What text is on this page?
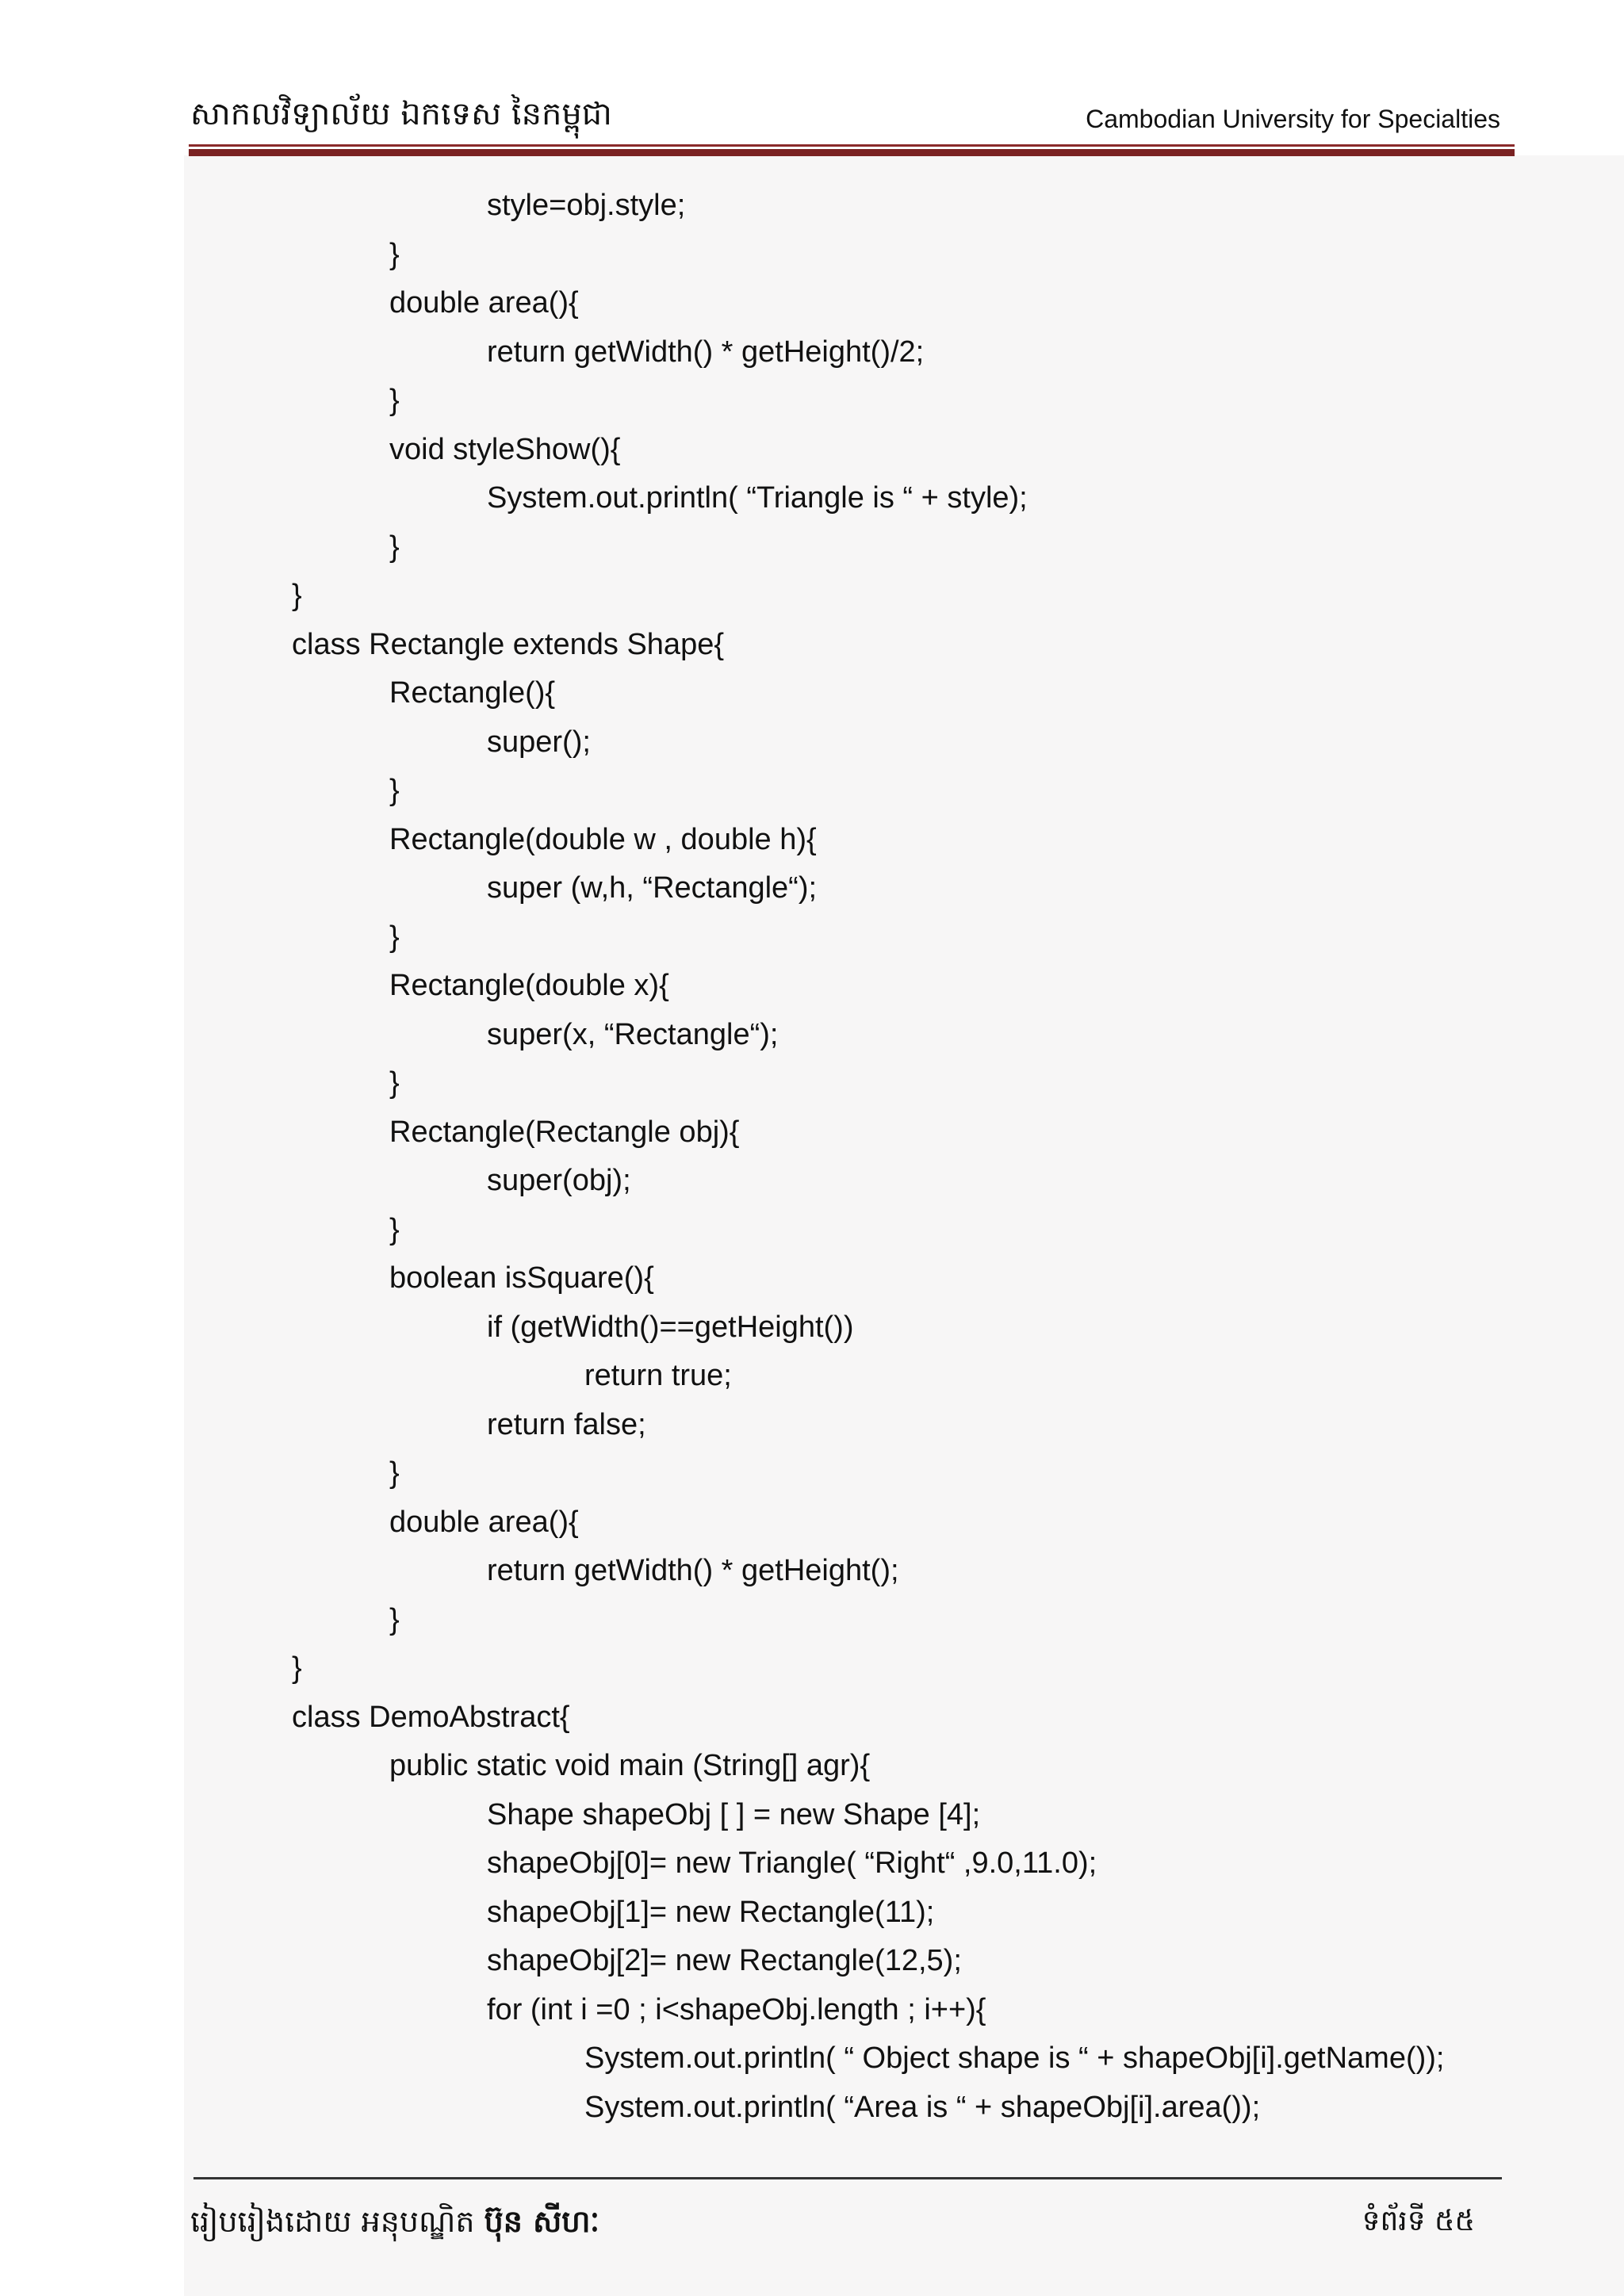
សាកលវិទ្យាល័យ ឯកទេស នៃកម្ពុជា	Cambodian University for Specialties
style=obj.style;
}
double area(){
return getWidth() * getHeight()/2;
}
void styleShow(){
System.out.println( “Triangle is “ + style);
}
}
class Rectangle extends Shape{
Rectangle(){
super();
}
Rectangle(double w , double h){
super (w,h, “Rectangle“);
}
Rectangle(double x){
super(x, “Rectangle“);
}
Rectangle(Rectangle obj){
super(obj);
}
boolean isSquare(){
if (getWidth()==getHeight())
return true;
return false;
}
double area(){
return getWidth() * getHeight();
}
}
class DemoAbstract{
public static void main (String[] agr){
Shape shapeObj [ ] = new Shape [4];
shapeObj[0]= new Triangle( “Right“ ,9.0,11.0);
shapeObj[1]= new Rectangle(11);
shapeObj[2]= new Rectangle(12,5);
for (int i =0 ; i<shapeObj.length ; i++){
System.out.println( “ Object shape is “ + shapeObj[i].getName());
System.out.println( “Area is “ + shapeObj[i].area());
រៀបរៀងដោយ អនុបណ្ឌិត ប៊ុន សីហៈ	ទំព័រទី ៥៥
